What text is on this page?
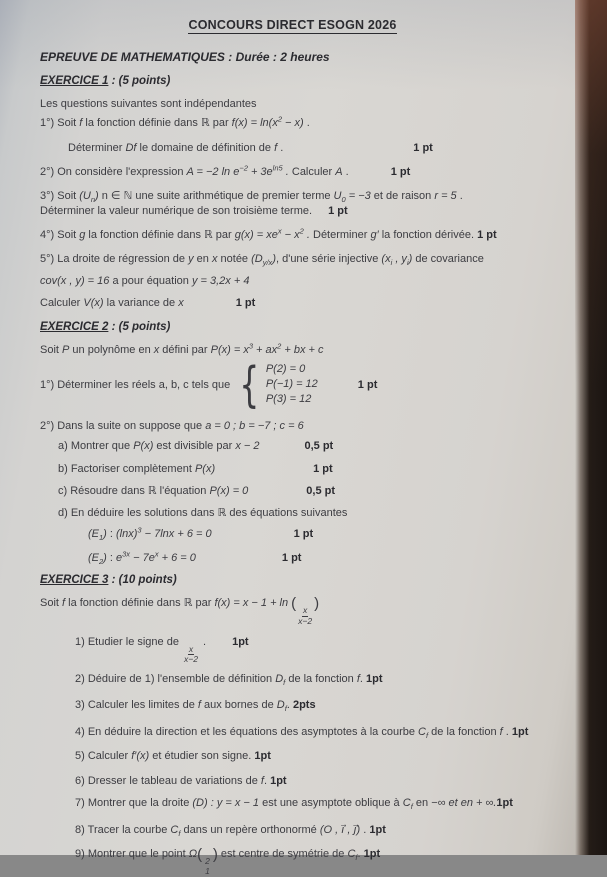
CONCOURS DIRECT ESOGN 2026
EPREUVE DE MATHEMATIQUES : Durée : 2 heures
EXERCICE 1 : (5 points)
Les questions suivantes sont indépendantes
1°) Soit f la fonction définie dans ℝ par $f(x) = \ln(x^2 - x)$ .
Déterminer Df le domaine de définition de f .	1 pt
2°) On considère l'expression A = −2 $\ln e^{-2} + 3e^{ln5}$ . Calculer A .	1 pt
3°) Soit $(U_n)$ n ∈ ℕ une suite arithmétique de premier terme $U_0 = -3$ et de raison r = 5 .
Déterminer la valeur numérique de son troisième terme. 1 pt
4°) Soit g la fonction définie dans ℝ par $g(x) = xe^x - x^2$ . Déterminer g′ la fonction dérivée. 1 pt
5°) La droite de régression de y en x notée $(D_{y/x})$, d'une série injective ($x_i$ , $y_i$) de covariance
cov(x , y) = 16 a pour équation y = 3,2x + 4
Calculer V(x) la variance de x	1 pt
EXERCICE 2 : (5 points)
Soit P un polynôme en x défini par $P(x) = x^3 + ax^2$ + bx + c
1°) Déterminer les réels a, b, c tels que { P(2) = 0
P(−1) = 12
P(3) = 12
1 pt
2°) Dans la suite on suppose que a = 0 ; b = −7 ; c = 6
a) Montrer que P(x) est divisible par x − 2	0,5 pt
b) Factoriser complètement P(x)	1 pt
c) Résoudre dans ℝ l'équation P(x) = 0	0,5 pt
d) En déduire les solutions dans ℝ des équations suivantes
$(E_1)$ : $(\ln x)^3 - 7\ln x + 6 = 0$	1 pt
$(E_2)$ : $e^{3x} - 7e^x + 6 = 0$	1 pt
EXERCICE 3 : (10 points)
Soit f la fonction définie dans ℝ par f(x) = x − 1 + ln (
$\frac{x}{x-2}$
)
1) Etudier le signe de
$\frac{x}{x-2}$
. 1pt
2) Déduire de 1) l'ensemble de définition $D_f$ de la fonction f. 1pt
3) Calculer les limites de f aux bornes de $D_f$. 2pts
4) En déduire la direction et les équations des asymptotes à la courbe $C_f$ de la fonction f . 1pt
5) Calculer f′(x) et étudier son signe. 1pt
6) Dresser le tableau de variations de f. 1pt
7) Montrer que la droite (D) : y = x − 1 est une asymptote oblique à $C_f$ en −∞ et en + ∞.1pt
8) Tracer la courbe $C_f$ dans un repère orthonormé (O , ı⃗ , ȷ⃗) . 1pt
9) Montrer que le point Ω( 2
1
) est centre de symétrie de $C_f$. 1pt
